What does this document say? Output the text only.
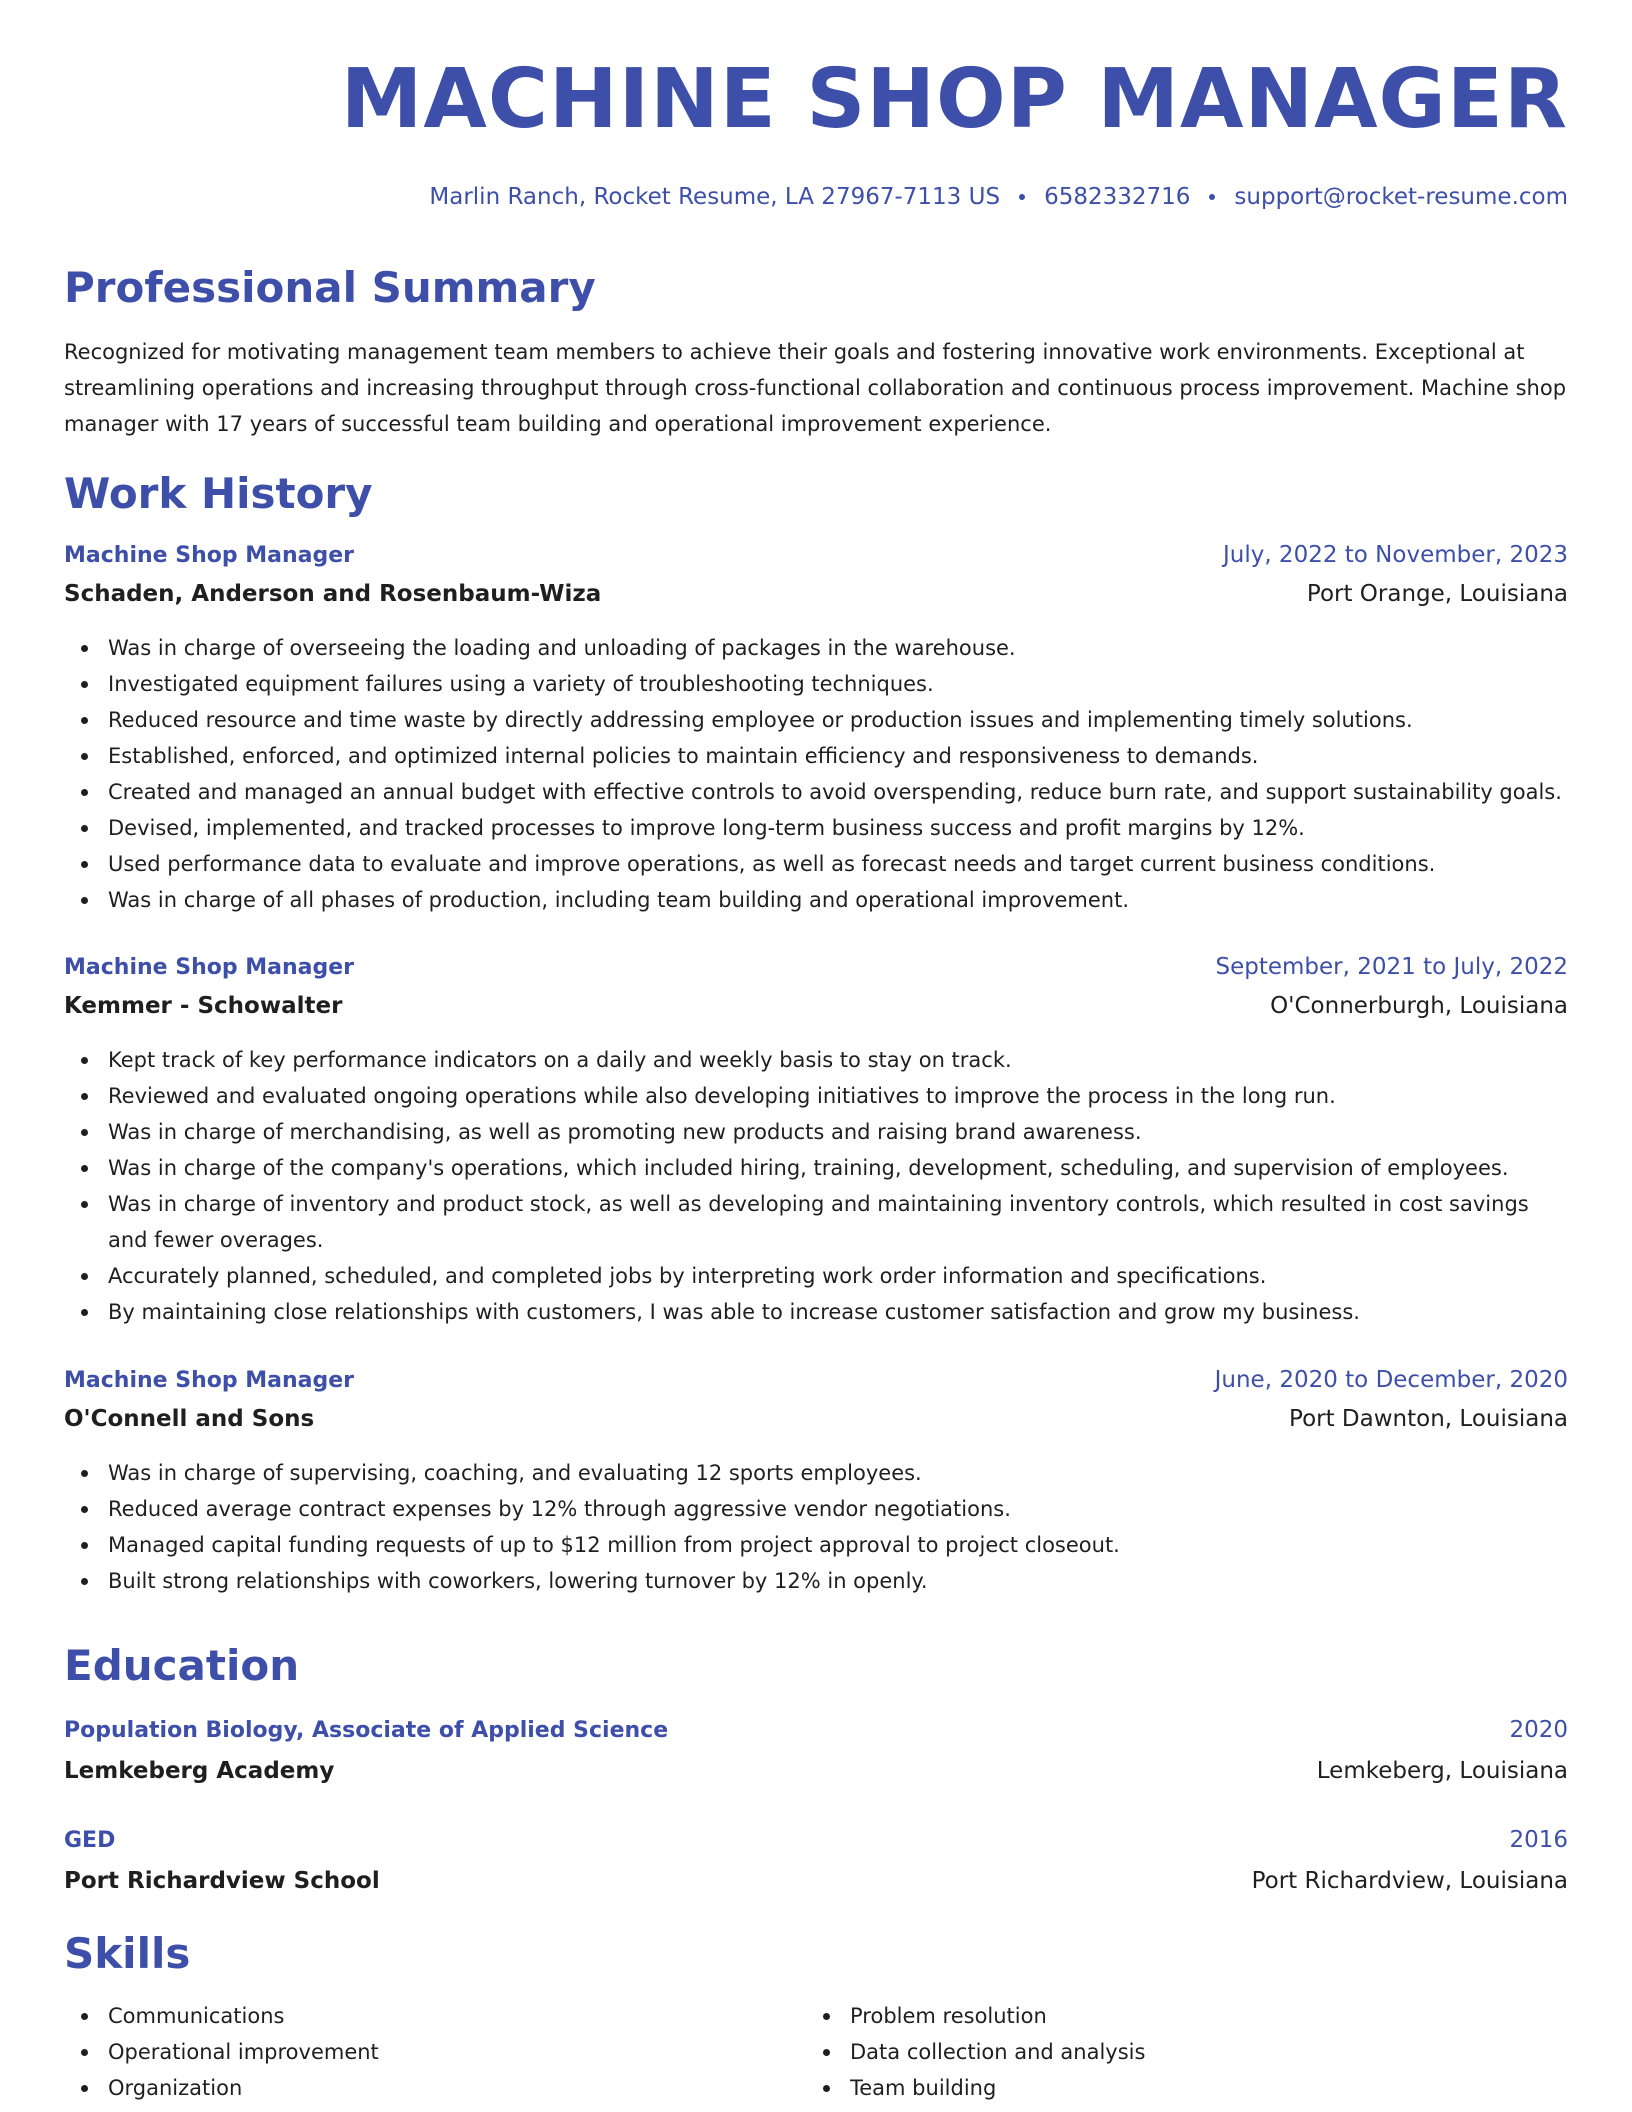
MACHINE SHOP MANAGER
Marlin Ranch, Rocket Resume, LA 27967-7113 US 6582332716 support@rocket-resume.com
Professional Summary

Recognized for motivating management team members to achieve their goals and fostering innovative work environments. Exceptional at streamlining operations and increasing throughput through cross-functional collaboration and continuous process improvement. Machine shop manager with 17 years of successful team building and operational improvement experience.

Work History
Machine Shop Manager	July, 2022 to November, 2023
Schaden, Anderson and Rosenbaum-Wiza	Port Orange, Louisiana
Was in charge of overseeing the loading and unloading of packages in the warehouse.
Investigated equipment failures using a variety of troubleshooting techniques.
Reduced resource and time waste by directly addressing employee or production issues and implementing timely solutions.
Established, enforced, and optimized internal policies to maintain efficiency and responsiveness to demands.
Created and managed an annual budget with effective controls to avoid overspending, reduce burn rate, and support sustainability goals.
Devised, implemented, and tracked processes to improve long-term business success and profit margins by 12%.
Used performance data to evaluate and improve operations, as well as forecast needs and target current business conditions.
Was in charge of all phases of production, including team building and operational improvement.
Machine Shop Manager	September, 2021 to July, 2022
Kemmer - Schowalter	O'Connerburgh, Louisiana
Kept track of key performance indicators on a daily and weekly basis to stay on track.
Reviewed and evaluated ongoing operations while also developing initiatives to improve the process in the long run.
Was in charge of merchandising, as well as promoting new products and raising brand awareness.
Was in charge of the company's operations, which included hiring, training, development, scheduling, and supervision of employees.
Was in charge of inventory and product stock, as well as developing and maintaining inventory controls, which resulted in cost savings and fewer overages.
Accurately planned, scheduled, and completed jobs by interpreting work order information and specifications.
By maintaining close relationships with customers, I was able to increase customer satisfaction and grow my business.
Machine Shop Manager	June, 2020 to December, 2020
O'Connell and Sons	Port Dawnton, Louisiana
Was in charge of supervising, coaching, and evaluating 12 sports employees.
Reduced average contract expenses by 12% through aggressive vendor negotiations.
Managed capital funding requests of up to $12 million from project approval to project closeout.
Built strong relationships with coworkers, lowering turnover by 12% in openly.
Education
Population Biology, Associate of Applied Science	2020
Lemkeberg Academy	Lemkeberg, Louisiana
GED	2016
Port Richardview School	Port Richardview, Louisiana
Skills
Communications
Operational improvement
Organization
Problem resolution
Data collection and analysis
Team building
